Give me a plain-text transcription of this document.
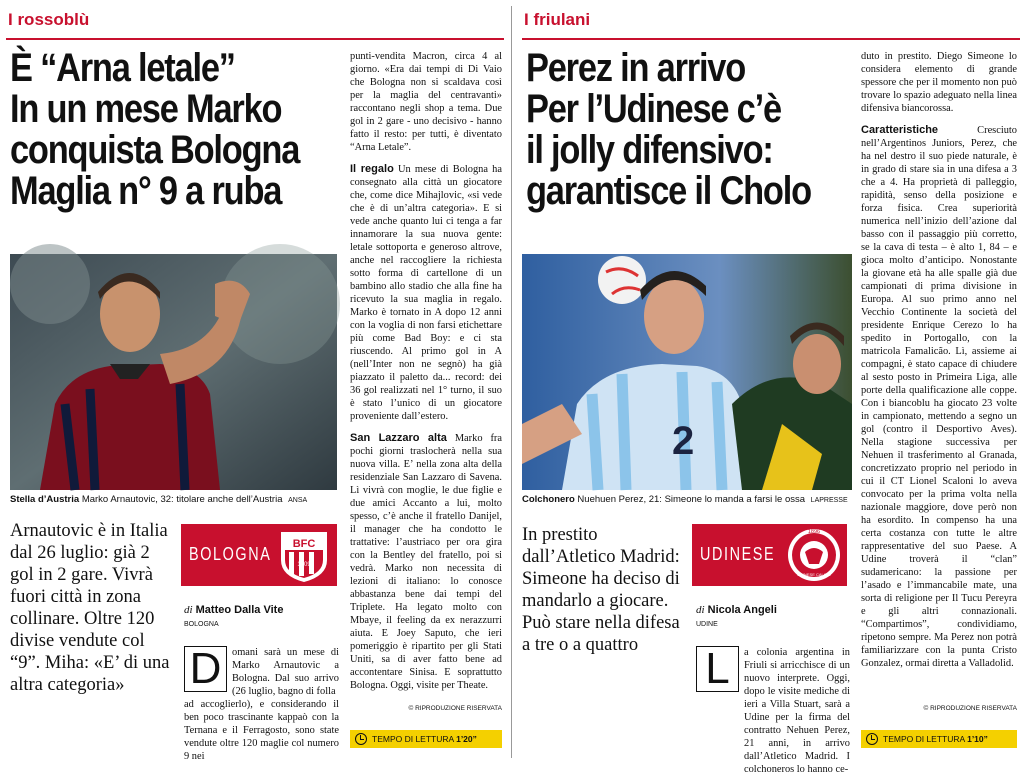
I rossoblù
È “Arna letale”
In un mese Marko
conquista Bologna
Maglia n° 9 a ruba
Stella d’Austria Marko Arnautovic, 32: titolare anche dell’Austria ANSA
Arnautovic è in Italia dal 26 luglio: già 2 gol in 2 gare. Vivrà fuori città in zona collinare. Oltre 120 divise vendute col “9”. Miha: «E’ di una altra categoria»
BOLOGNA BFC
1909
di Matteo Dalla Vite
BOLOGNA
D	omani sarà un mese di Marko Arnautovic a Bologna. Dal suo arrivo (26 luglio, bagno di folla

ad accoglierlo), e considerando il ben poco trascinante kappaò con la Ternana e il Ferragosto, sono state vendute oltre 120 maglie col numero 9 nei

punti-vendita Macron, circa 4 al giorno. «Era dai tempi di Di Vaio che Bologna non si scaldava così per la maglia del centravanti» raccontano negli shop a tema. Due gol in 2 gare - uno decisivo - hanno fatto il resto: per tutti, è diventato “Arna Letale”.

Il regalo Un mese di Bologna ha consegnato alla città un giocatore che, come dice Mihajlovic, «si vede che è di un’altra categoria». E si vede anche quanto lui ci tenga a far innamorare la sua nuova gente: letale sottoporta e generoso altrove, anche nel raccogliere la richiesta sotto forma di cartellone di un bambino allo stadio che alla fine ha ricevuto la sua maglia in regalo. Marko è tornato in A dopo 12 anni con la voglia di non farsi etichettare più come Bad Boy: e ci sta riuscendo. Al primo gol in A (nell’Inter non ne segnò) ha già piazzato il paletto da... record: dei 36 gol realizzati nel 1° turno, il suo è stato l’unico di un giocatore proveniente dall’estero.

San Lazzaro alta Marko fra pochi giorni traslocherà nella sua nuova villa. E’ nella zona alta della residenziale San Lazzaro di Savena. Lì vivrà con moglie, le due figlie e due amici Accanto a lui, molto spesso, c’è anche il fratello Danijel, il manager che ha condotto le trattative: l’austriaco per ora gira con la Bentley del fratello, poi si vedrà. Marko non necessita di lezioni di italiano: lo conosce abbastanza bene dai tempi del Triplete. Ha legato molto con Mbaye, il feeling da ex nerazzurri aiuta. E Joey Saputo, che ieri pomeriggio è ripartito per gli Stati Uniti, sa di aver fatto bene ad accontentare Sinisa. E soprattutto Bologna. Oggi, visite per Theate.

© RIPRODUZIONE RISERVATA
TEMPO DI LETTURA 1’20”
I friulani
Perez in arrivo
Per l’Udinese c’è
il jolly difensivo:
garantisce il Cholo
2
Colchonero Nuehuen Perez, 21: Simeone lo manda a farsi le ossa LAPRESSE
In prestito dall’Atletico Madrid: Simeone ha deciso di mandarlo a giocare. Può stare nella difesa a tre o a quattro
UDINESE
1896
UDINESE CALCIO
di Nicola Angeli
UDINE
L	a colonia argentina in Friuli si arricchisce di un nuovo interprete. Oggi, dopo le visite mediche di ieri a Villa Stuart, sarà a Udine per la firma del contratto Nehuen Perez, 21 anni, in arrivo dall’Atletico Madrid. I colchoneros lo hanno ce-

duto in prestito. Diego Simeone lo considera elemento di grande spessore che per il momento non può trovare lo spazio adeguato nella linea difensiva biancorossa.

Caratteristiche	Cresciuto nell’Argentinos Juniors, Perez, che ha nel destro il suo piede naturale, è in grado di stare sia in una difesa a 3 che a 4. Ha proprietà di palleggio, rapidità, senso della posizione e forza fisica. Crea superiorità numerica nell’inizio dell’azione dal basso con il passaggio più corretto, se la cava di testa – è alto 1, 84 – e gioca molto d’anticipo. Nonostante la giovane età ha alle spalle già due campionati di prima divisione in Europa. Al suo primo anno nel Vecchio Continente la società del presidente Enrique Cerezo lo ha spedito in Portogallo, con la matricola Famalicão. Lì, assieme ai compagni, è stato capace di chiudere al sesto posto in Primeira Liga, alle porte della qualificazione alle coppe. Con i biancoblu ha giocato 23 volte in campionato, mettendo a segno un gol (contro il Desportivo Aves). Nella stagione successiva per Nehuen il trasferimento al Granada, concretizzato proprio nel periodo in cui il CT Lionel Scaloni lo aveva convocato per la prima volta nella nazionale maggiore, dove però non ha esordito. In compenso ha una certa costanza con tutte le altre rappresentative del suo Paese. A Udine troverà il “clan” sudamericano: la passione per l’asado e l’immancabile mate, una sorta di religione per Il Tucu Pereyra e gli altri connazionali. “Compartimos”, condividiamo, ripetono sempre. Ma Perez non potrà familiarizzare con la punta Cristo Gonzalez, ormai diretta a Valladolid.

© RIPRODUZIONE RISERVATA
TEMPO DI LETTURA 1’10”
